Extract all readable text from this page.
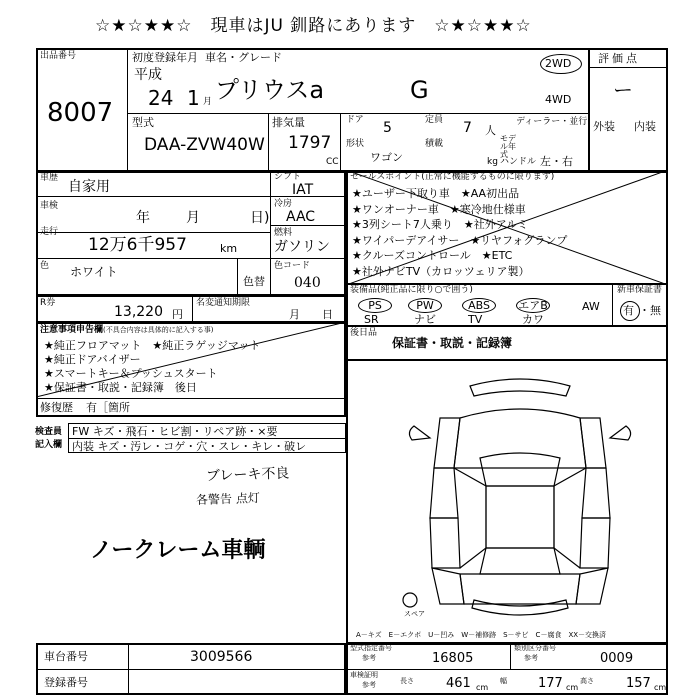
☆★☆★★☆　現車はJU 釧路にあります　☆★☆★★☆
出品番号
8007
初度登録年月 車名・グレード
平成
24 1 月 プリウスa	G
2WD
4WD
型式
DAA-ZVW40W
排気量
1797
CC
ドア 5	定員 7 人
ディーラー・並行
モデル年式
形状
ワゴン
積載
kg ハンドル 左・右
評価点
ー
外装 内装
車歴
自家用
車検
年	月	日)
走行
12万6千957	km
色 ホワイト
色替
シフト
IAT
冷房
AAC
燃料
ガソリン
色コード
040
セールスポイント(正常に機能するものに限ります)
★ユーザー下取り車　★AA初出品
★ワンオーナー車　★寒冷地仕様車
★3列シート7人乗り　★社外アルミ
★ワイパーデアイサー　★リヤフォグランプ
★クルーズコントロール　★ETC
★社外ナビTV（カロッツェリア製）
装備品(純正品に限り○で囲う)
PS
SR
PW
ナビ
ABS
TV
エアB
カワ
AW
新車保証書
有 ・無
R券
13,220 円
名変通知期限
月 日
注意事項申告欄(不具合内容は具体的に記入する事)
★純正フロアマット　★純正ラゲッジマット
★純正ドアバイザー
★スマートキー＆プッシュスタート
★保証書・取説・記録簿　後日
修復歴 有［箇所
後日品
保証書・取説・記録簿
検査員
記入欄
FW キズ・飛石・ヒビ割・リペア跡・×要
内装 キズ・汚レ・コゲ・穴・スレ・キレ・破レ
ブレーキ不良
各警告 点灯
ノークレーム車輌
スペア
A－キズ　E－エクボ　U－凹み　W－補修跡　S－サビ　C－腐食　XX－交換済
車台番号	3009566
登録番号
型式指定番号
参考	16805
類別区分番号
参考	0009
車検証明
参考	長さ 461 cm
幅 177 cm
高さ 157 cm
